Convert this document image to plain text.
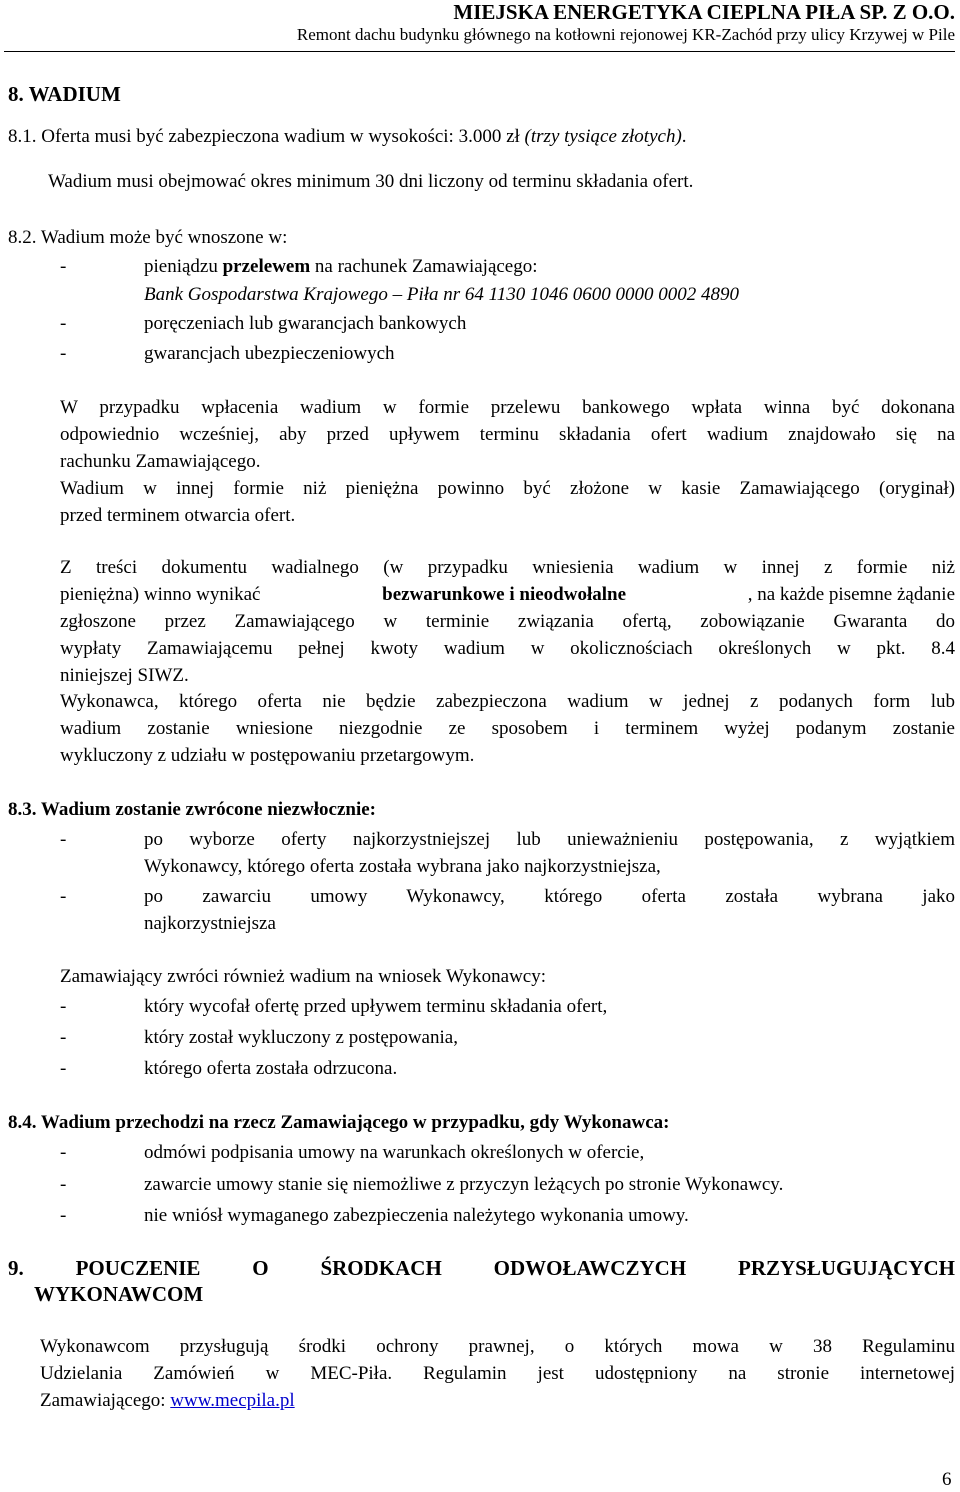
MIEJSKA ENERGETYKA CIEPLNA PIŁA SP. Z O.O.
Remont dachu budynku głównego na kotłowni rejonowej KR-Zachód przy ulicy Krzywej w Pile
8. WADIUM
8.1. Oferta musi być zabezpieczona wadium w wysokości: 3.000 zł (trzy tysiące złotych).
Wadium musi obejmować okres minimum 30 dni liczony od terminu składania ofert.
8.2. Wadium może być wnoszone w:
-	pieniądzu przelewem na rachunek Zamawiającego:
Bank Gospodarstwa Krajowego – Piła nr 64 1130 1046 0600 0000 0002 4890
-	poręczeniach lub gwarancjach bankowych
-	gwarancjach ubezpieczeniowych
W przypadku wpłacenia wadium w formie przelewu bankowego wpłata winna być dokonana
odpowiednio wcześniej, aby przed upływem terminu składania ofert wadium znajdowało się na
rachunku Zamawiającego.
Wadium w innej formie niż pieniężna powinno być złożone w kasie Zamawiającego (oryginał)
przed terminem otwarcia ofert.
Z treści dokumentu wadialnego (w przypadku wniesienia wadium w innej z formie niż
pieniężna) winno wynikać	bezwarunkowe i nieodwołalne	, na każde pisemne żądanie
zgłoszone przez Zamawiającego w terminie związania ofertą, zobowiązanie Gwaranta do
wypłaty Zamawiającemu pełnej kwoty wadium w okolicznościach określonych w pkt. 8.4
niniejszej SIWZ.
Wykonawca, którego oferta nie będzie zabezpieczona wadium w jednej z podanych form lub
wadium zostanie wniesione niezgodnie ze sposobem i terminem wyżej podanym zostanie
wykluczony z udziału w postępowaniu przetargowym.
8.3. Wadium zostanie zwrócone niezwłocznie:
-	po wyborze oferty najkorzystniejszej lub unieważnieniu postępowania, z wyjątkiem
Wykonawcy, którego oferta została wybrana jako najkorzystniejsza,
-	po zawarciu umowy Wykonawcy, którego oferta została wybrana jako
najkorzystniejsza
Zamawiający zwróci również wadium na wniosek Wykonawcy:
-	który wycofał ofertę przed upływem terminu składania ofert,
-	który został wykluczony z postępowania,
-	którego oferta została odrzucona.
8.4. Wadium przechodzi na rzecz Zamawiającego w przypadku, gdy Wykonawca:
-	odmówi podpisania umowy na warunkach określonych w ofercie,
-	zawarcie umowy stanie się niemożliwe z przyczyn leżących po stronie Wykonawcy.
-	nie wniósł wymaganego zabezpieczenia należytego wykonania umowy.
9. POUCZENIE O ŚRODKACH ODWOŁAWCZYCH PRZYSŁUGUJĄCYCH
WYKONAWCOM
Wykonawcom przysługują środki ochrony prawnej, o których mowa w 38 Regulaminu
Udzielania Zamówień w MEC-Piła. Regulamin jest udostępniony na stronie internetowej
Zamawiającego: www.mecpila.pl
6
